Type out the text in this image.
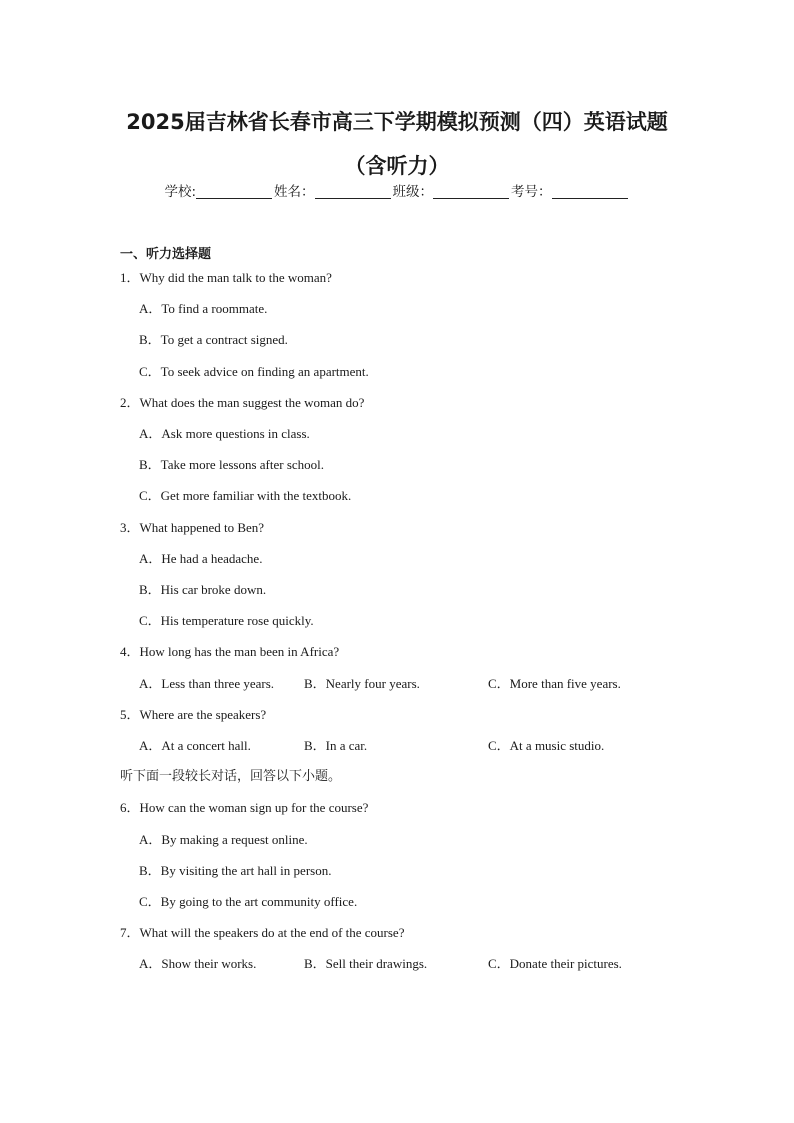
2025届吉林省长春市高三下学期模拟预测（四）英语试题（含听力）
学校:	姓名：	班级：	考号：
一、听力选择题
1．Why did the man talk to the woman?
A．To find a roommate.
B．To get a contract signed.
C．To seek advice on finding an apartment.
2．What does the man suggest the woman do?
A．Ask more questions in class.
B．Take more lessons after school.
C．Get more familiar with the textbook.
3．What happened to Ben?
A．He had a headache.
B．His car broke down.
C．His temperature rose quickly.
4．How long has the man been in Africa?
A．Less than three years. B．Nearly four years.	C．More than five years.
5．Where are the speakers?
A．At a concert hall.	B．In a car.	C．At a music studio.
听下面一段较长对话，回答以下小题。
6．How can the woman sign up for the course?
A．By making a request online.
B．By visiting the art hall in person.
C．By going to the art community office.
7．What will the speakers do at the end of the course?
A．Show their works.	B．Sell their drawings.	C．Donate their pictures.
